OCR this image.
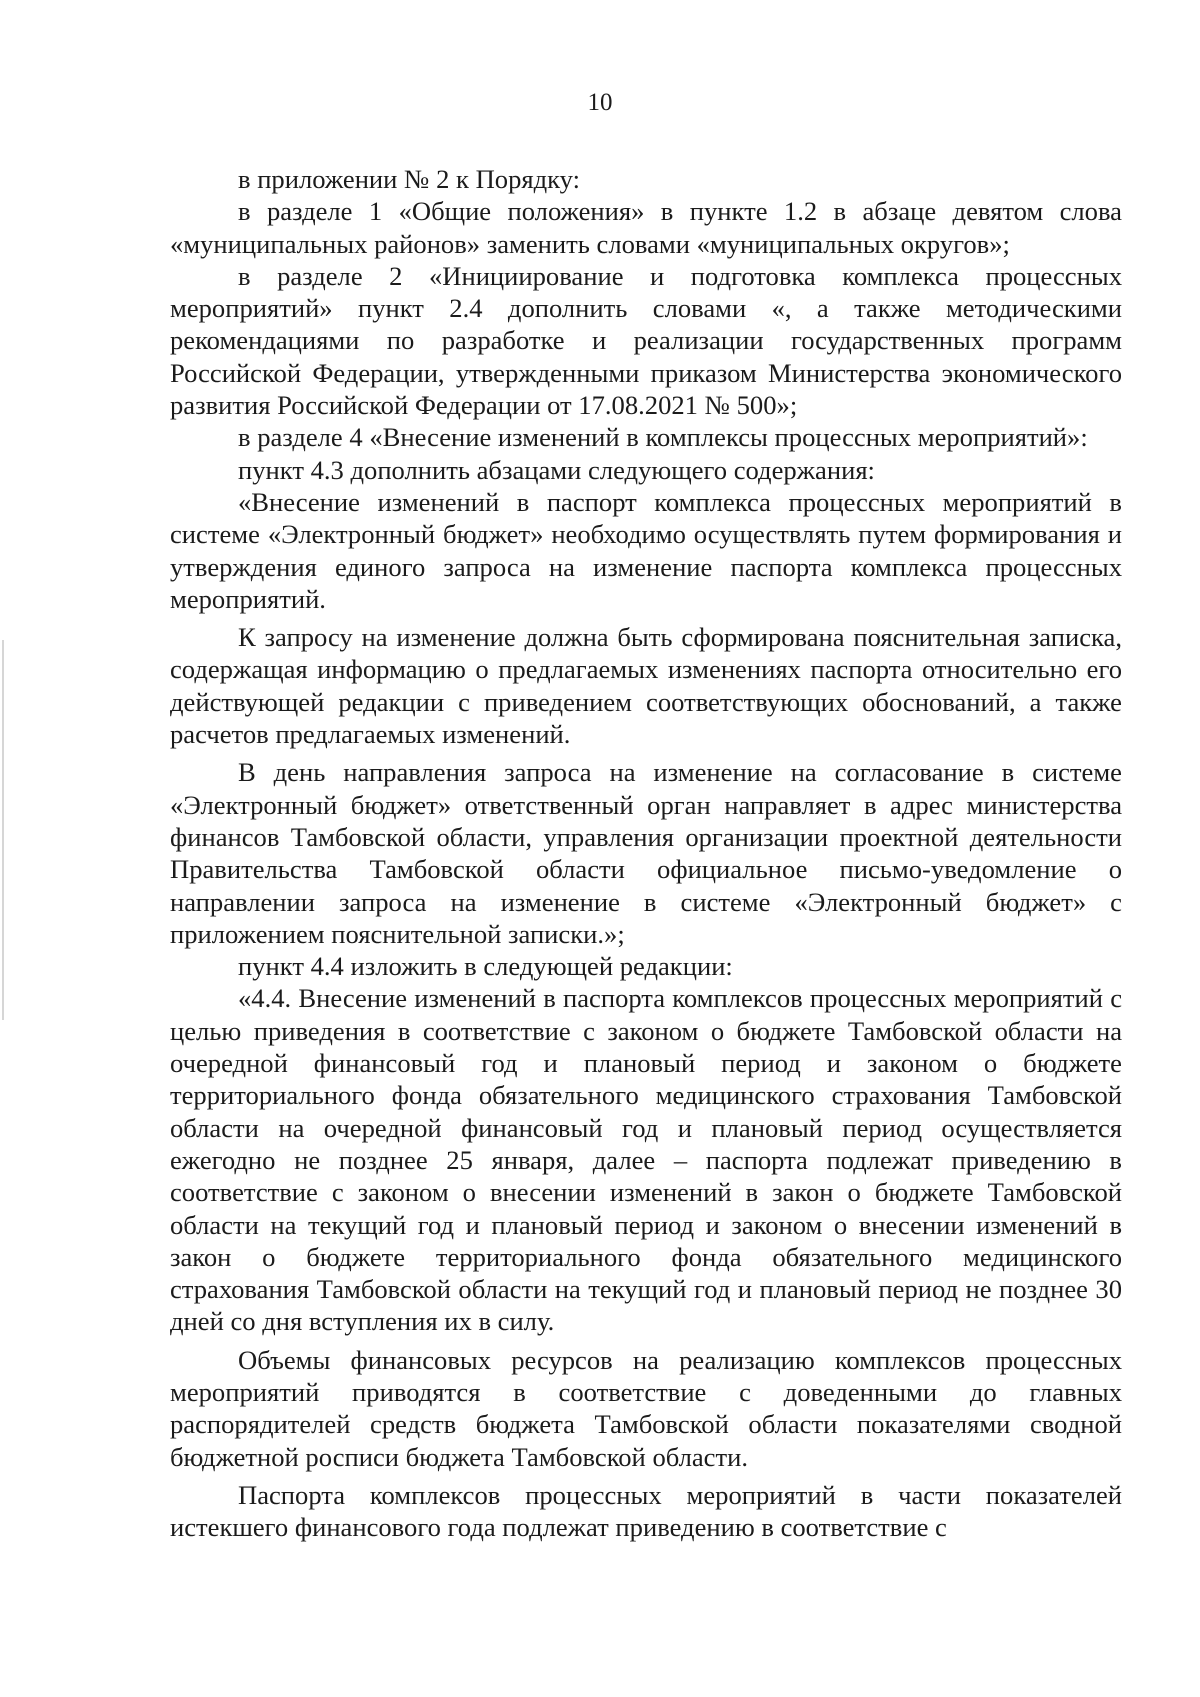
10

в приложении № 2 к Порядку:

в разделе 1 «Общие положения» в пункте 1.2 в абзаце девятом слова «муниципальных районов» заменить словами «муниципальных округов»;

в разделе 2 «Инициирование и подготовка комплекса процессных мероприятий» пункт 2.4 дополнить словами «, а также методическими рекомендациями по разработке и реализации государственных программ Российской Федерации, утвержденными приказом Министерства экономического развития Российской Федерации от 17.08.2021 № 500»;

в разделе 4 «Внесение изменений в комплексы процессных мероприятий»:

пункт 4.3 дополнить абзацами следующего содержания:

«Внесение изменений в паспорт комплекса процессных мероприятий в системе «Электронный бюджет» необходимо осуществлять путем формирования и утверждения единого запроса на изменение паспорта комплекса процессных мероприятий.

К запросу на изменение должна быть сформирована пояснительная записка, содержащая информацию о предлагаемых изменениях паспорта относительно его действующей редакции с приведением соответствующих обоснований, а также расчетов предлагаемых изменений.

В день направления запроса на изменение на согласование в системе «Электронный бюджет» ответственный орган направляет в адрес министерства финансов Тамбовской области, управления организации проектной деятельности Правительства Тамбовской области официальное письмо-уведомление о направлении запроса на изменение в системе «Электронный бюджет» с приложением пояснительной записки.»;

пункт 4.4 изложить в следующей редакции:

«4.4. Внесение изменений в паспорта комплексов процессных мероприятий с целью приведения в соответствие с законом о бюджете Тамбовской области на очередной финансовый год и плановый период и законом о бюджете территориального фонда обязательного медицинского страхования Тамбовской области на очередной финансовый год и плановый период осуществляется ежегодно не позднее 25 января, далее – паспорта подлежат приведению в соответствие с законом о внесении изменений в закон о бюджете Тамбовской области на текущий год и плановый период и законом о внесении изменений в закон о бюджете территориального фонда обязательного медицинского страхования Тамбовской области на текущий год и плановый период не позднее 30 дней со дня вступления их в силу.

Объемы финансовых ресурсов на реализацию комплексов процессных мероприятий приводятся в соответствие с доведенными до главных распорядителей средств бюджета Тамбовской области показателями сводной бюджетной росписи бюджета Тамбовской области.

Паспорта комплексов процессных мероприятий в части показателей истекшего финансового года подлежат приведению в соответствие с
